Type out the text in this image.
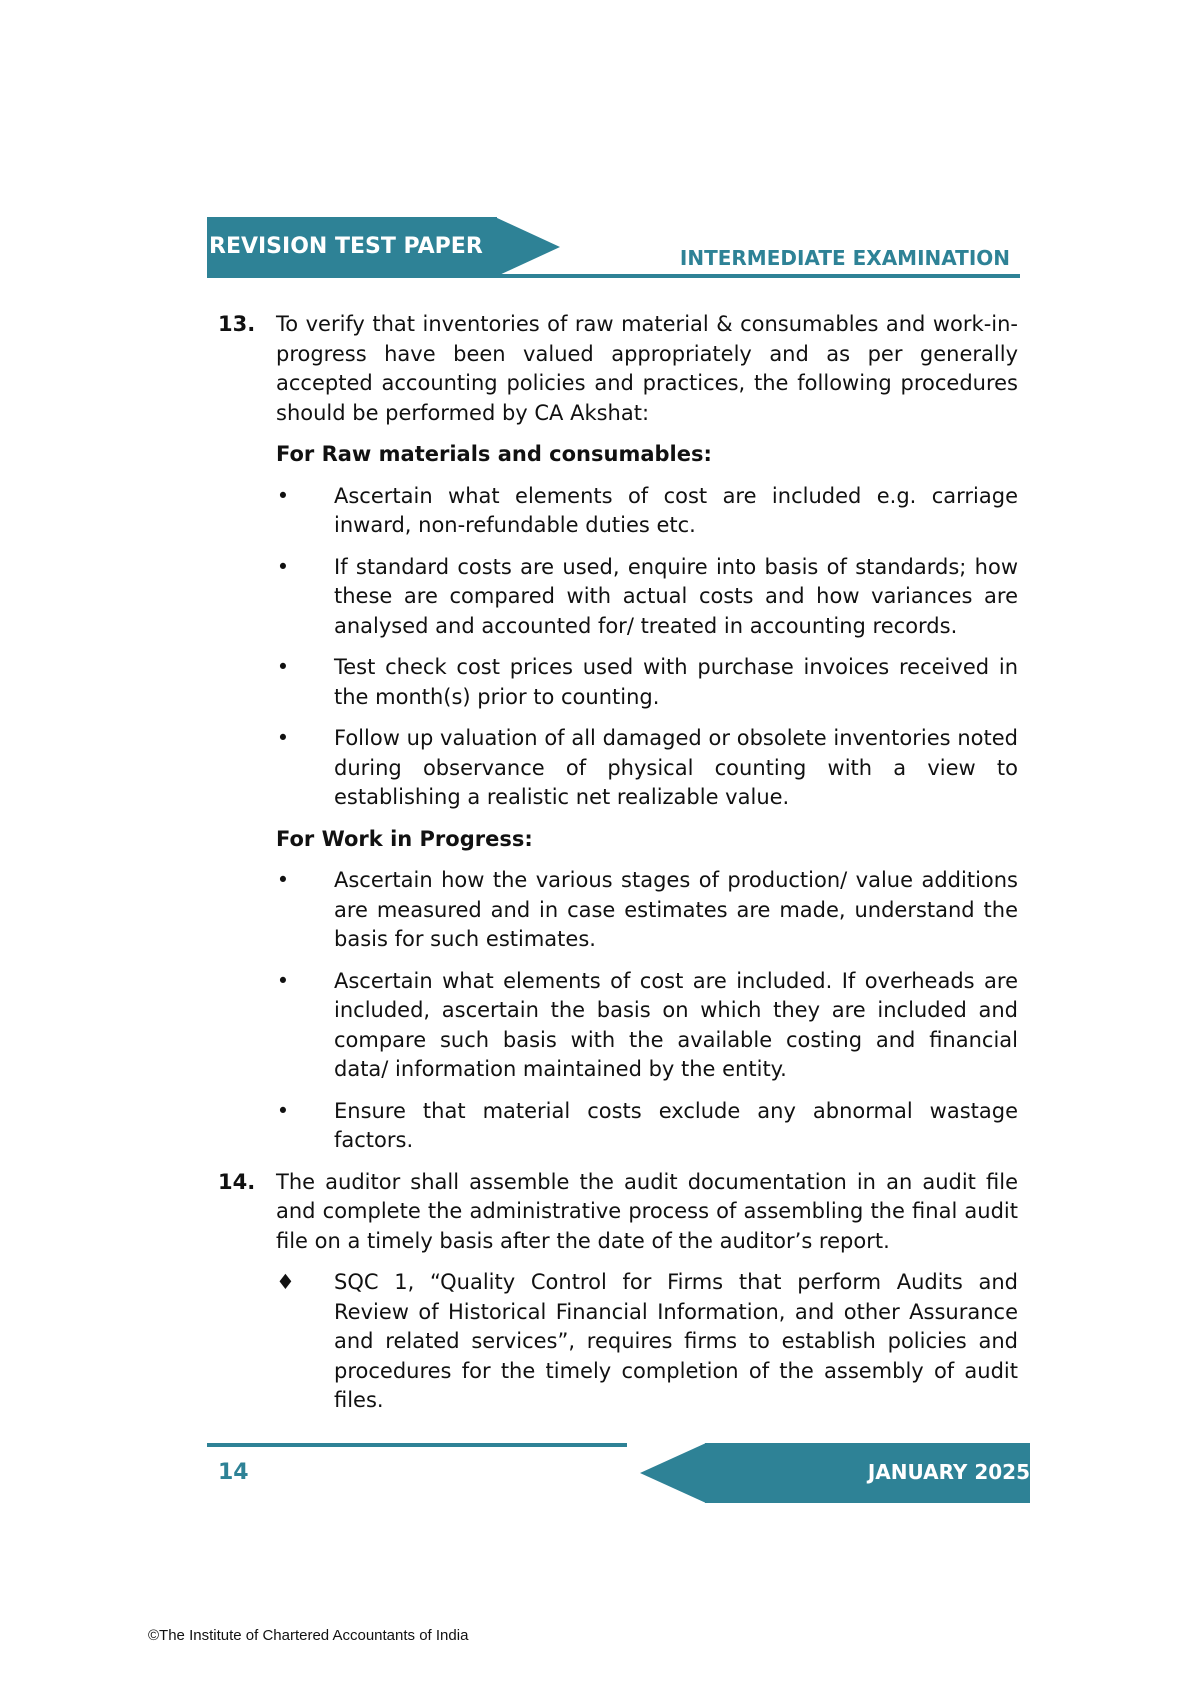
REVISION TEST PAPER	INTERMEDIATE EXAMINATION
13. To verify that inventories of raw material & consumables and work-in-progress have been valued appropriately and as per generally accepted accounting policies and practices, the following procedures should be performed by CA Akshat:
For Raw materials and consumables:
• Ascertain what elements of cost are included e.g. carriage inward, non-refundable duties etc.
• If standard costs are used, enquire into basis of standards; how these are compared with actual costs and how variances are analysed and accounted for/ treated in accounting records.
• Test check cost prices used with purchase invoices received in the month(s) prior to counting.
• Follow up valuation of all damaged or obsolete inventories noted during observance of physical counting with a view to establishing a realistic net realizable value.
For Work in Progress:
• Ascertain how the various stages of production/ value additions are measured and in case estimates are made, understand the basis for such estimates.
• Ascertain what elements of cost are included. If overheads are included, ascertain the basis on which they are included and compare such basis with the available costing and financial data/ information maintained by the entity.
• Ensure that material costs exclude any abnormal wastage factors.
14. The auditor shall assemble the audit documentation in an audit file and complete the administrative process of assembling the final audit file on a timely basis after the date of the auditor’s report.
♦ SQC 1, “Quality Control for Firms that perform Audits and Review of Historical Financial Information, and other Assurance and related services”, requires firms to establish policies and procedures for the timely completion of the assembly of audit files.
14	JANUARY 2025 EXAMINATION
©The Institute of Chartered Accountants of India
